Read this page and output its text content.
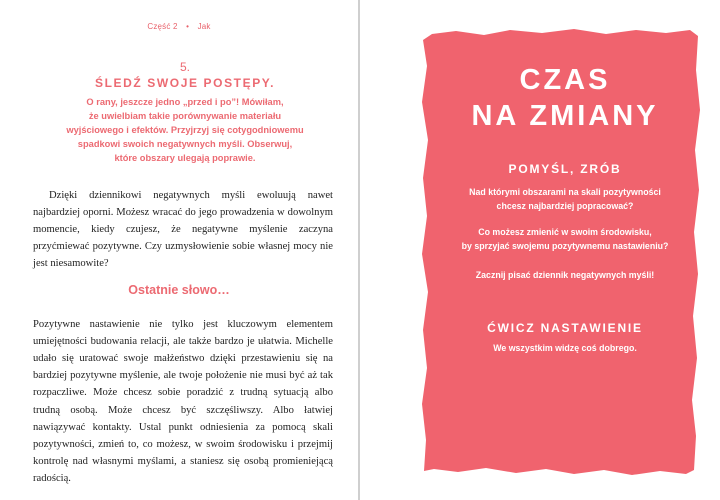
Część 2 • Jak
5.
ŚLEDŹ SWOJE POSTĘPY.
O rany, jeszcze jedno „przed i po”! Mówiłam,
że uwielbiam takie porównywanie materiału
wyjściowego i efektów. Przyjrzyj się cotygodniowemu
spadkowi swoich negatywnych myśli. Obserwuj,
które obszary ulegają poprawie.

Dzięki dziennikowi negatywnych myśli ewoluują nawet najbardziej oporni. Możesz wracać do jego prowadzenia w dowolnym momencie, kiedy czujesz, że negatywne myślenie zaczyna przyćmiewać pozytywne. Czy uzmysłowienie sobie własnej mocy nie jest niesamowite?

Ostatnie słowo…

Pozytywne nastawienie nie tylko jest kluczowym elementem umiejętności budowania relacji, ale także bardzo je ułatwia. Michelle udało się uratować swoje małżeństwo dzięki przestawieniu się na bardziej pozytywne myślenie, ale twoje położenie nie musi być aż tak rozpaczliwe. Może chcesz sobie poradzić z trudną sytuacją albo trudną osobą. Może chcesz być szczęśliwszy. Albo łatwiej nawiązywać kontakty. Ustal punkt odniesienia za pomocą skali pozytywności, zmień to, co możesz, w swoim środowisku i przejmij kontrolę nad własnymi myślami, a staniesz się osobą promieniejącą radością.

CZAS
NA ZMIANY
POMYŚL, ZRÓB
Nad którymi obszarami na skali pozytywności
chcesz najbardziej popracować?
Co możesz zmienić w swoim środowisku,
by sprzyjać swojemu pozytywnemu nastawieniu?
Zacznij pisać dziennik negatywnych myśli!
ĆWICZ NASTAWIENIE
We wszystkim widzę coś dobrego.
